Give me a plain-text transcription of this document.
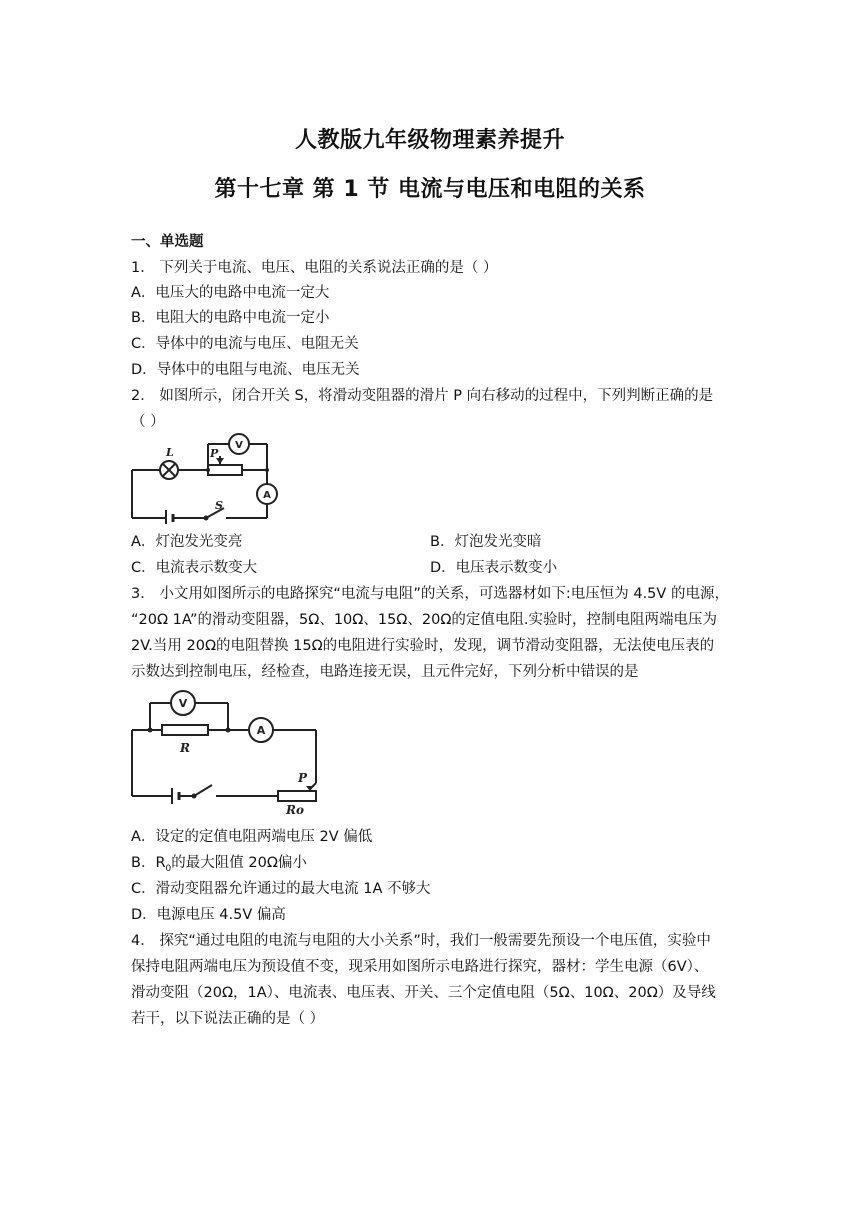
人教版九年级物理素养提升
第十七章 第 1 节 电流与电压和电阻的关系
一、单选题
1． 下列关于电流、电压、电阻的关系说法正确的是（ ）
A．电压大的电路中电流一定大
B．电阻大的电路中电流一定小
C．导体中的电流与电压、电阻无关
D．导体中的电阻与电流、电压无关
2． 如图所示，闭合开关 S，将滑动变阻器的滑片 P 向右移动的过程中，下列判断正确的是
（ ）
L	P
S
V
A
A．灯泡发光变亮	B．灯泡发光变暗
C．电流表示数变大	D．电压表示数变小
3． 小文用如图所示的电路探究“电流与电阻”的关系，可选器材如下:电压恒为 4.5V 的电源，
“20Ω 1A”的滑动变阻器，5Ω、10Ω、15Ω、20Ω的定值电阻.实验时，控制电阻两端电压为
2V.当用 20Ω的电阻替换 15Ω的电阻进行实验时，发现，调节滑动变阻器，无法使电压表的
示数达到控制电压，经检查，电路连接无误，且元件完好，下列分析中错误的是
V
A
R
P
Ro
A．设定的定值电阻两端电压 2V 偏低
B．$R_0$的最大阻值 20Ω偏小
C．滑动变阻器允许通过的最大电流 1A 不够大
D．电源电压 4.5V 偏高
4． 探究“通过电阻的电流与电阻的大小关系”时，我们一般需要先预设一个电压值，实验中
保持电阻两端电压为预设值不变，现采用如图所示电路进行探究，器材：学生电源（6V）、
滑动变阻（20Ω，1A）、电流表、电压表、开关、三个定值电阻（5Ω、10Ω、20Ω）及导线
若干，以下说法正确的是（ ）
